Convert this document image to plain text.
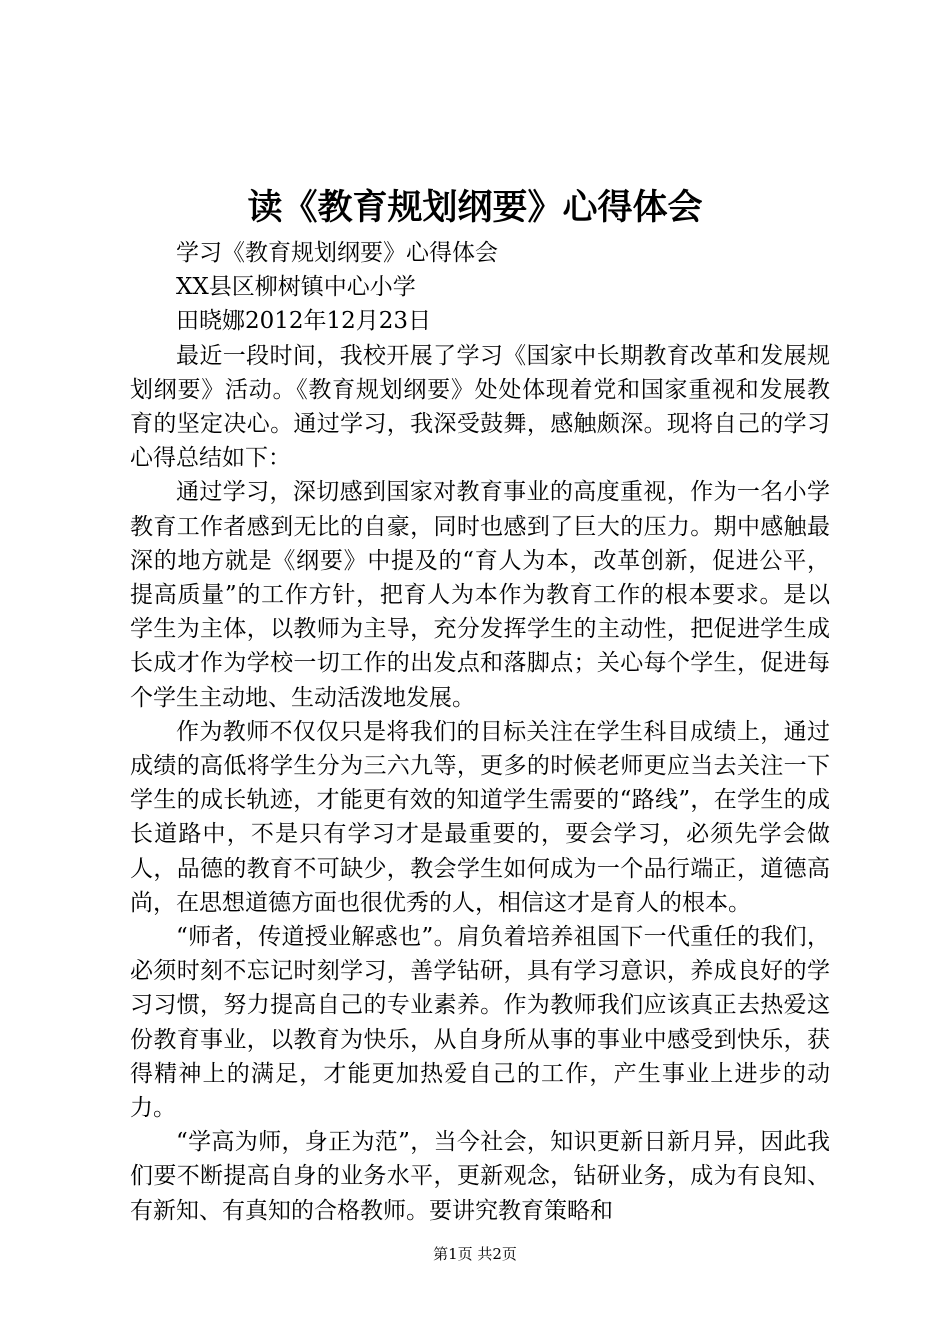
读《教育规划纲要》心得体会

学习《教育规划纲要》心得体会

XX县区柳树镇中心小学

田晓娜2012年12月23日

最近一段时间，我校开展了学习《国家中长期教育改革和发展规划纲要》活动。《教育规划纲要》处处体现着党和国家重视和发展教育的坚定决心。通过学习，我深受鼓舞，感触颇深。现将自己的学习心得总结如下：

通过学习，深切感到国家对教育事业的高度重视，作为一名小学教育工作者感到无比的自豪，同时也感到了巨大的压力。期中感触最深的地方就是《纲要》中提及的“育人为本，改革创新，促进公平，提高质量”的工作方针，把育人为本作为教育工作的根本要求。是以学生为主体，以教师为主导，充分发挥学生的主动性，把促进学生成长成才作为学校一切工作的出发点和落脚点；关心每个学生，促进每个学生主动地、生动活泼地发展。

作为教师不仅仅只是将我们的目标关注在学生科目成绩上，通过成绩的高低将学生分为三六九等，更多的时候老师更应当去关注一下学生的成长轨迹，才能更有效的知道学生需要的“路线”，在学生的成长道路中，不是只有学习才是最重要的，要会学习，必须先学会做人，品德的教育不可缺少，教会学生如何成为一个品行端正，道德高尚，在思想道德方面也很优秀的人，相信这才是育人的根本。

“师者，传道授业解惑也”。肩负着培养祖国下一代重任的我们，必须时刻不忘记时刻学习，善学钻研，具有学习意识，养成良好的学习习惯，努力提高自己的专业素养。作为教师我们应该真正去热爱这份教育事业，以教育为快乐，从自身所从事的事业中感受到快乐，获得精神上的满足，才能更加热爱自己的工作，产生事业上进步的动力。

“学高为师，身正为范”，当今社会，知识更新日新月异，因此我们要不断提高自身的业务水平，更新观念，钻研业务，成为有良知、有新知、有真知的合格教师。要讲究教育策略和

第1页 共2页
